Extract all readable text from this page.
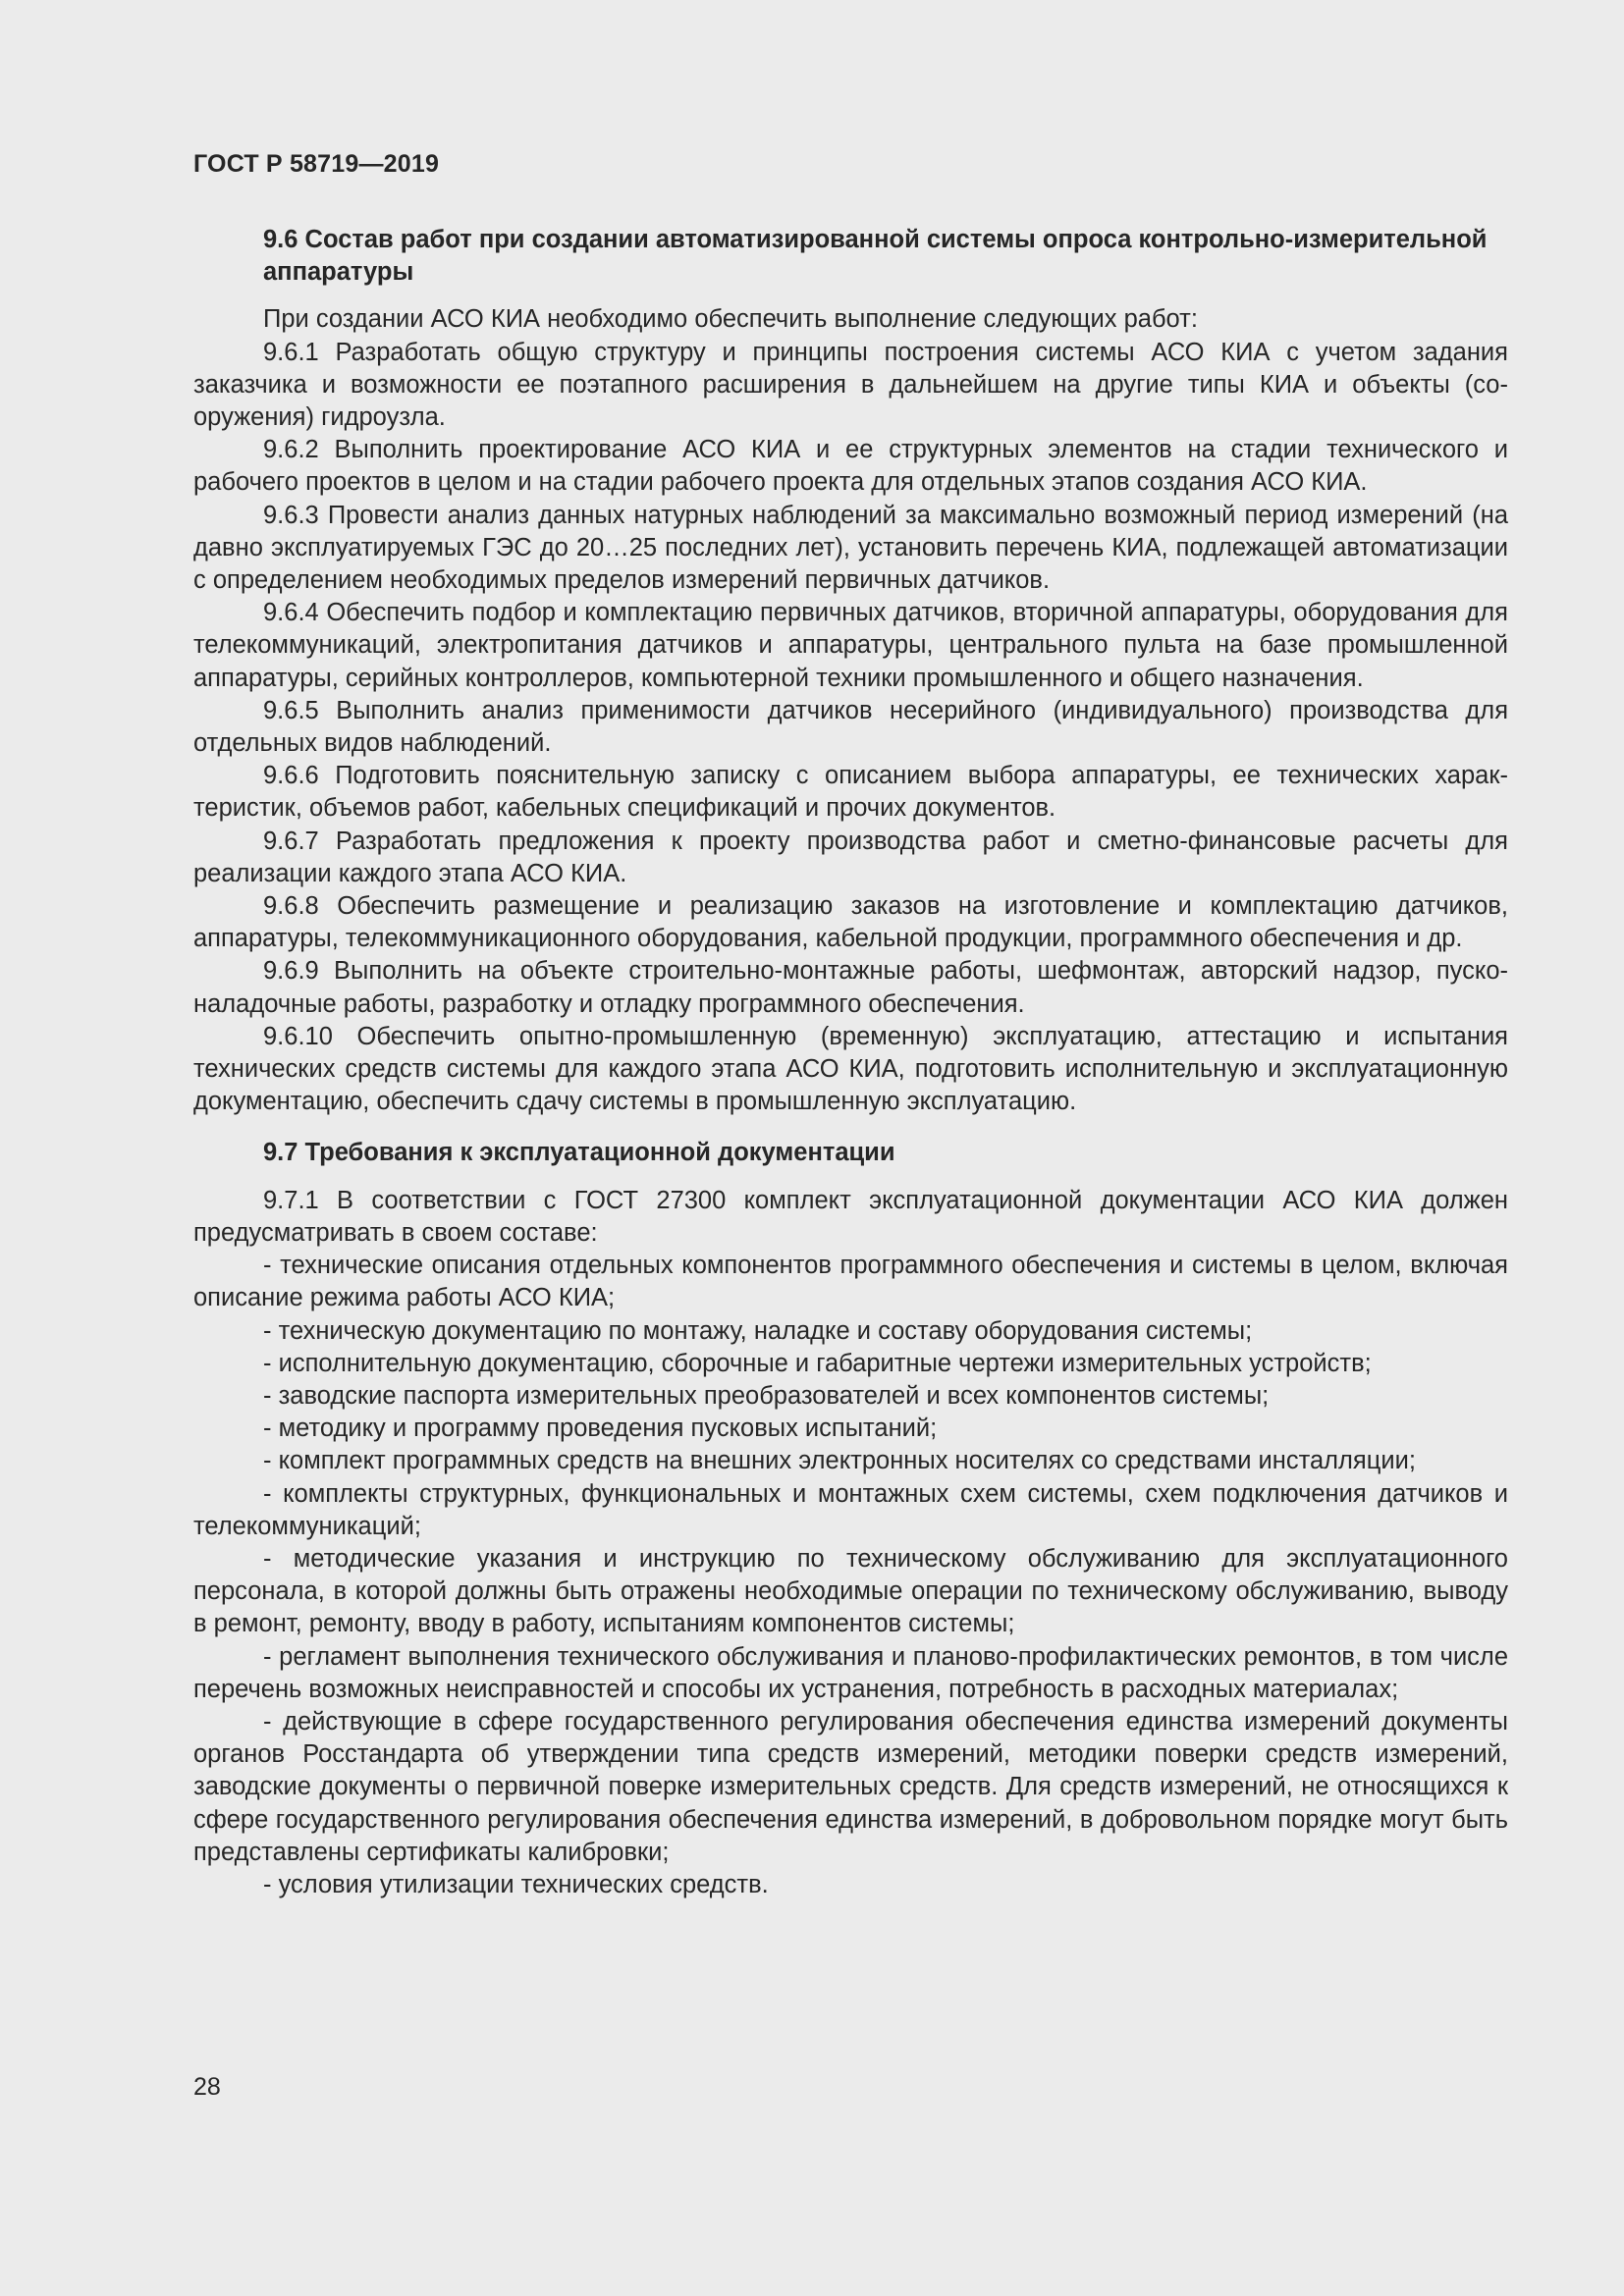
ГОСТ Р 58719—2019
9.6 Состав работ при создании автоматизированной системы опроса контрольно-измерительной аппаратуры

При создании АСО КИА необходимо обеспечить выполнение следующих работ:

9.6.1 Разработать общую структуру и принципы построения системы АСО КИА с учетом задания заказчика и возможности ее поэтапного расширения в дальнейшем на другие типы КИА и объекты (сооружения) гидроузла.

9.6.2 Выполнить проектирование АСО КИА и ее структурных элементов на стадии технического и рабочего проектов в целом и на стадии рабочего проекта для отдельных этапов создания АСО КИА.

9.6.3 Провести анализ данных натурных наблюдений за максимально возможный период измерений (на давно эксплуатируемых ГЭС до 20…25 последних лет), установить перечень КИА, подлежащей автоматизации с определением необходимых пределов измерений первичных датчиков.

9.6.4 Обеспечить подбор и комплектацию первичных датчиков, вторичной аппаратуры, оборудования для телекоммуникаций, электропитания датчиков и аппаратуры, центрального пульта на базе промышленной аппаратуры, серийных контроллеров, компьютерной техники промышленного и общего назначения.

9.6.5 Выполнить анализ применимости датчиков несерийного (индивидуального) производства для отдельных видов наблюдений.

9.6.6 Подготовить пояснительную записку с описанием выбора аппаратуры, ее технических характеристик, объемов работ, кабельных спецификаций и прочих документов.

9.6.7 Разработать предложения к проекту производства работ и сметно-финансовые расчеты для реализации каждого этапа АСО КИА.

9.6.8 Обеспечить размещение и реализацию заказов на изготовление и комплектацию датчиков, аппаратуры, телекоммуникационного оборудования, кабельной продукции, программного обеспечения и др.

9.6.9 Выполнить на объекте строительно-монтажные работы, шефмонтаж, авторский надзор, пуско-наладочные работы, разработку и отладку программного обеспечения.

9.6.10 Обеспечить опытно-промышленную (временную) эксплуатацию, аттестацию и испытания технических средств системы для каждого этапа АСО КИА, подготовить исполнительную и эксплуатационную документацию, обеспечить сдачу системы в промышленную эксплуатацию.

9.7 Требования к эксплуатационной документации

9.7.1 В соответствии с ГОСТ 27300 комплект эксплуатационной документации АСО КИА должен предусматривать в своем составе:

- технические описания отдельных компонентов программного обеспечения и системы в целом, включая описание режима работы АСО КИА;

- техническую документацию по монтажу, наладке и составу оборудования системы;

- исполнительную документацию, сборочные и габаритные чертежи измерительных устройств;

- заводские паспорта измерительных преобразователей и всех компонентов системы;

- методику и программу проведения пусковых испытаний;

- комплект программных средств на внешних электронных носителях со средствами инсталляции;

- комплекты структурных, функциональных и монтажных схем системы, схем подключения датчиков и телекоммуникаций;

- методические указания и инструкцию по техническому обслуживанию для эксплуатационного персонала, в которой должны быть отражены необходимые операции по техническому обслуживанию, выводу в ремонт, ремонту, вводу в работу, испытаниям компонентов системы;

- регламент выполнения технического обслуживания и планово-профилактических ремонтов, в том числе перечень возможных неисправностей и способы их устранения, потребность в расходных материалах;

- действующие в сфере государственного регулирования обеспечения единства измерений документы органов Росстандарта об утверждении типа средств измерений, методики поверки средств измерений, заводские документы о первичной поверке измерительных средств. Для средств измерений, не относящихся к сфере государственного регулирования обеспечения единства измерений, в добровольном порядке могут быть представлены сертификаты калибровки;

- условия утилизации технических средств.

28
